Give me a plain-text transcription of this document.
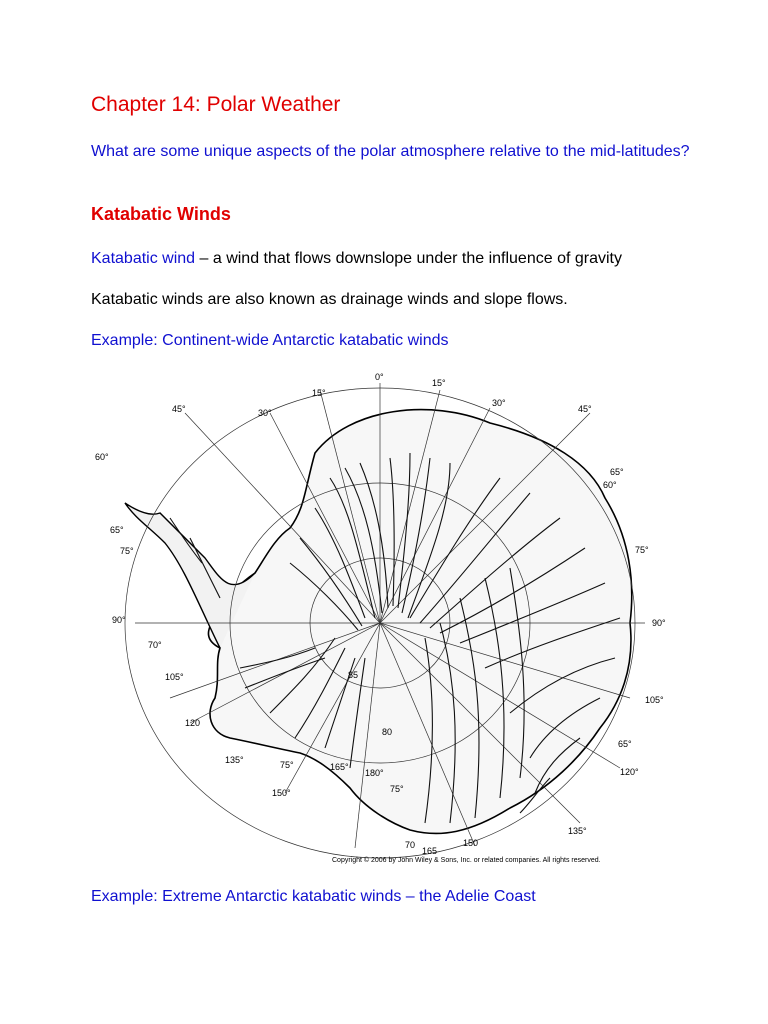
Chapter 14: Polar Weather

What are some unique aspects of the polar atmosphere relative to the mid-latitudes?

Katabatic Winds

Katabatic wind – a wind that flows downslope under the influence of gravity

Katabatic winds are also known as drainage winds and slope flows.

Example: Continent-wide Antarctic katabatic winds

0°
15°
15°
30°
30°
45°	45°
60°
60°
65°
65°
65°
75°	75°
75°
75°
90°	90°
70°
70
80
85
105°
105°
120
120°
135°
135°
150°
150
165°
165
180°
Copyright © 2006 by John Wiley & Sons, Inc. or related companies. All rights reserved.

Example: Extreme Antarctic katabatic winds – the Adelie Coast
